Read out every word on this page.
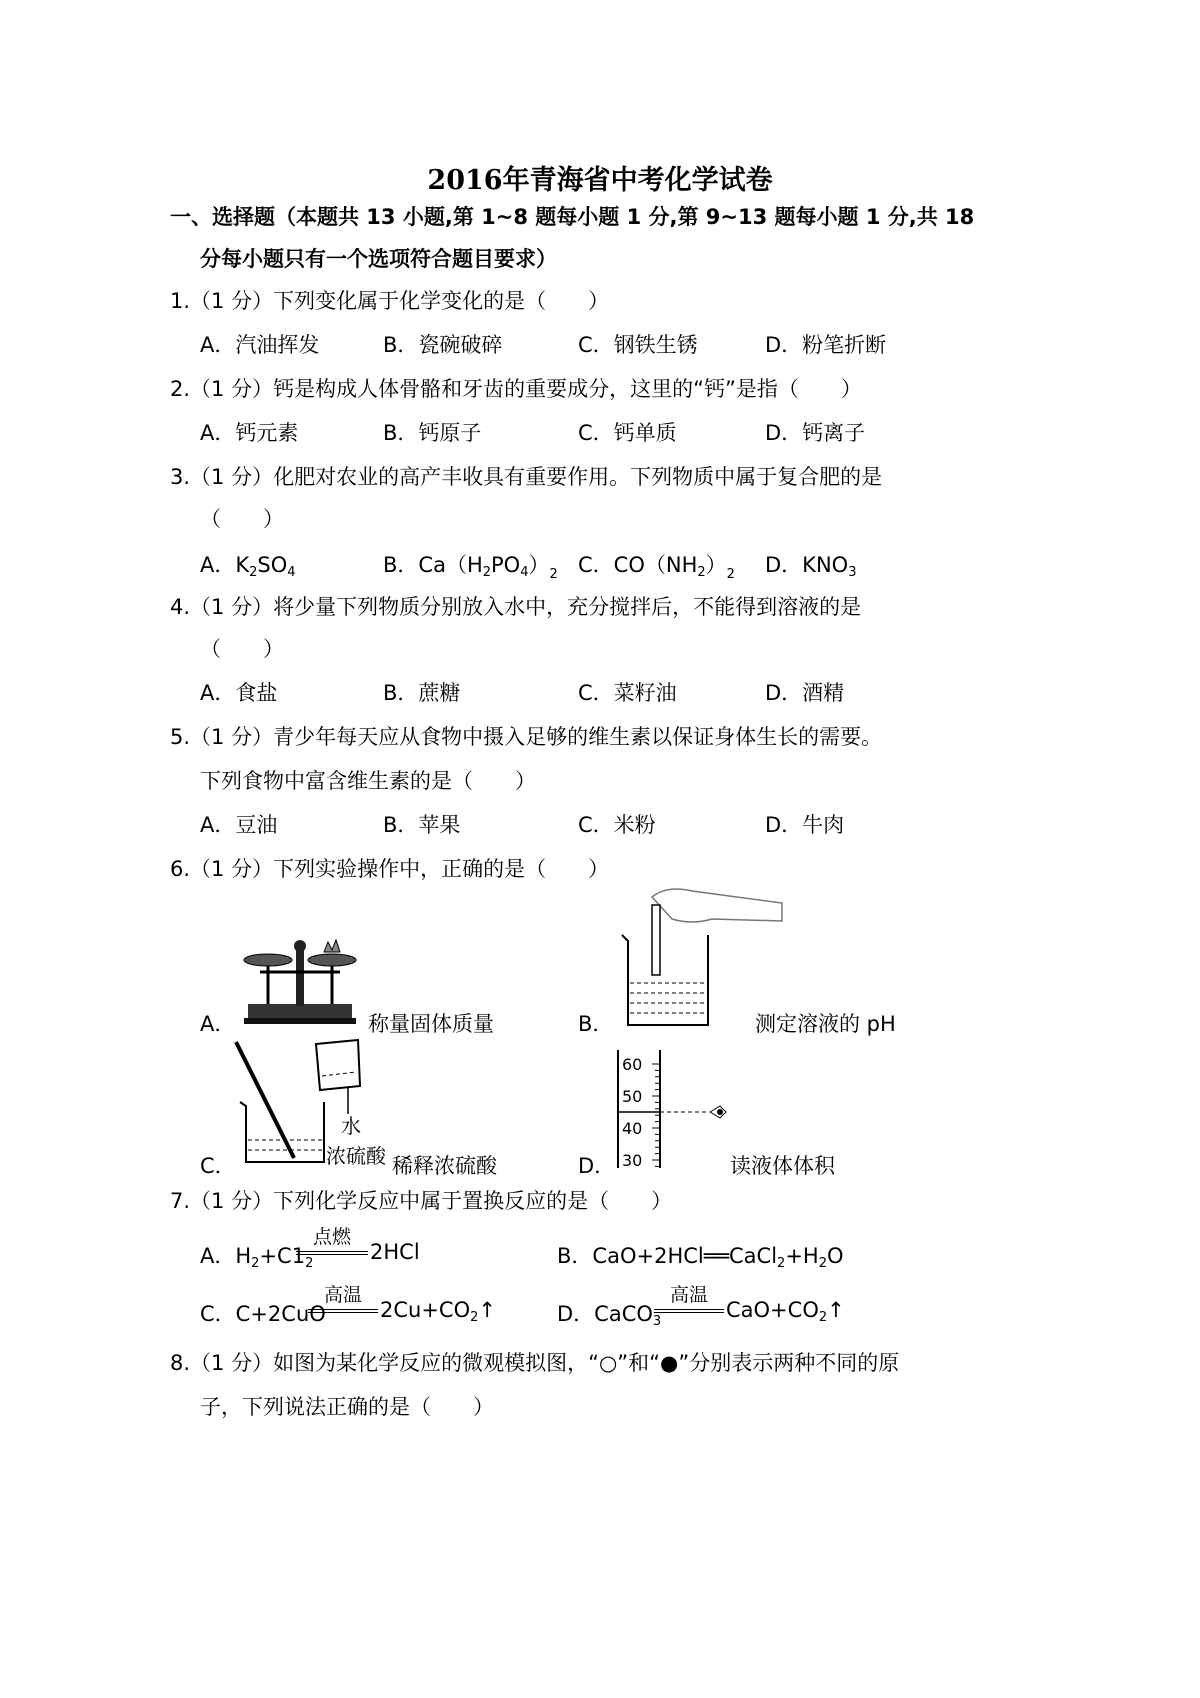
2016年青海省中考化学试卷
一、选择题（本题共 13 小题,第 1~8 题每小题 1 分,第 9~13 题每小题 1 分,共 18
分每小题只有一个选项符合题目要求）
1.（1 分）下列变化属于化学变化的是（　　）
A．汽油挥发	B．瓷碗破碎	C．钢铁生锈	D．粉笔折断
2.（1 分）钙是构成人体骨骼和牙齿的重要成分，这里的“钙”是指（　　）
A．钙元素	B．钙原子	C．钙单质	D．钙离子
3.（1 分）化肥对农业的高产丰收具有重要作用。下列物质中属于复合肥的是
（　　）
A．$K_2SO_4$	B．$Ca(H_2PO_4)_2$ C．$CO(NH_2)_2$ D．$KNO_3$
4.（1 分）将少量下列物质分别放入水中，充分搅拌后，不能得到溶液的是
（　　）
A．食盐	B．蔗糖	C．菜籽油	D．酒精
5.（1 分）青少年每天应从食物中摄入足够的维生素以保证身体生长的需要。
下列食物中富含维生素的是（　　）
A．豆油	B．苹果	C．米粉	D．牛肉
6.（1 分）下列实验操作中，正确的是（　　）
A．	称量固体质量	B．	测定溶液的 pH
C．
水
浓硫酸 稀释浓硫酸	D．
60
50
40
30	读液体体积
7.（1 分）下列化学反应中属于置换反应的是（　　）
A．$H_2+C1_2$
点燃
2HCl	B．$CaO+2HCl══CaCl_2+H_2O$
C．C+2CuO
高温
$2Cu+CO_2↑$	D．CaCO$_3$
高温
$CaO+CO_2↑$
8.（1 分）如图为某化学反应的微观模拟图，“○”和“●”分别表示两种不同的原
子，下列说法正确的是（　　）
